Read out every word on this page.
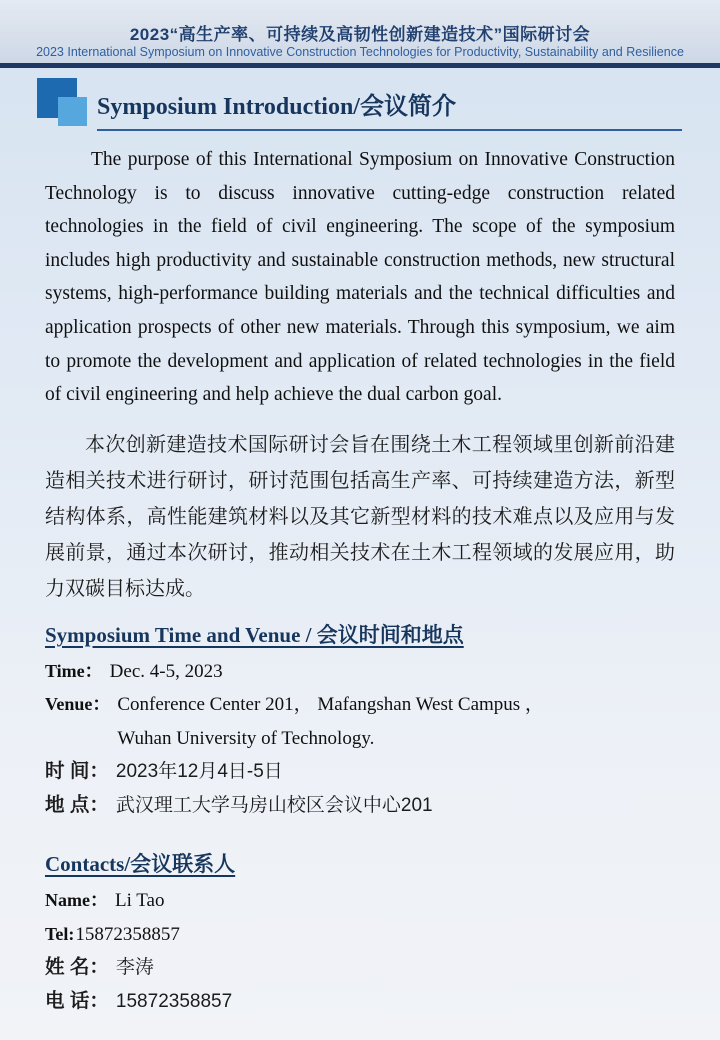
2023“高生产率、可持续及高韧性创新建造技术”国际研讨会
2023 International Symposium on Innovative Construction Technologies for Productivity, Sustainability and Resilience
Symposium Introduction/会议简介

The purpose of this International Symposium on Innovative Construction Technology is to discuss innovative cutting-edge construction related technologies in the field of civil engineering. The scope of the symposium includes high productivity and sustainable construction methods, new structural systems, high-performance building materials and the technical difficulties and application prospects of other new materials. Through this symposium, we aim to promote the development and application of related technologies in the field of civil engineering and help achieve the dual carbon goal.

本次创新建造技术国际研讨会旨在围绕土木工程领域里创新前沿建造相关技术进行研讨，研讨范围包括高生产率、可持续建造方法，新型结构体系，高性能建筑材料以及其它新型材料的技术难点以及应用与发展前景，通过本次研讨，推动相关技术在土木工程领域的发展应用，助力双碳目标达成。

Symposium Time and Venue / 会议时间和地点
Time： Dec. 4-5, 2023
Venue： Conference Center 201， Mafangshan West Campus ，
Wuhan University of Technology.
时 间： 2023年12月4日-5日
地 点： 武汉理工大学马房山校区会议中心201
Contacts/会议联系人
Name： Li Tao
Tel: 15872358857
姓 名： 李涛
电 话： 15872358857
